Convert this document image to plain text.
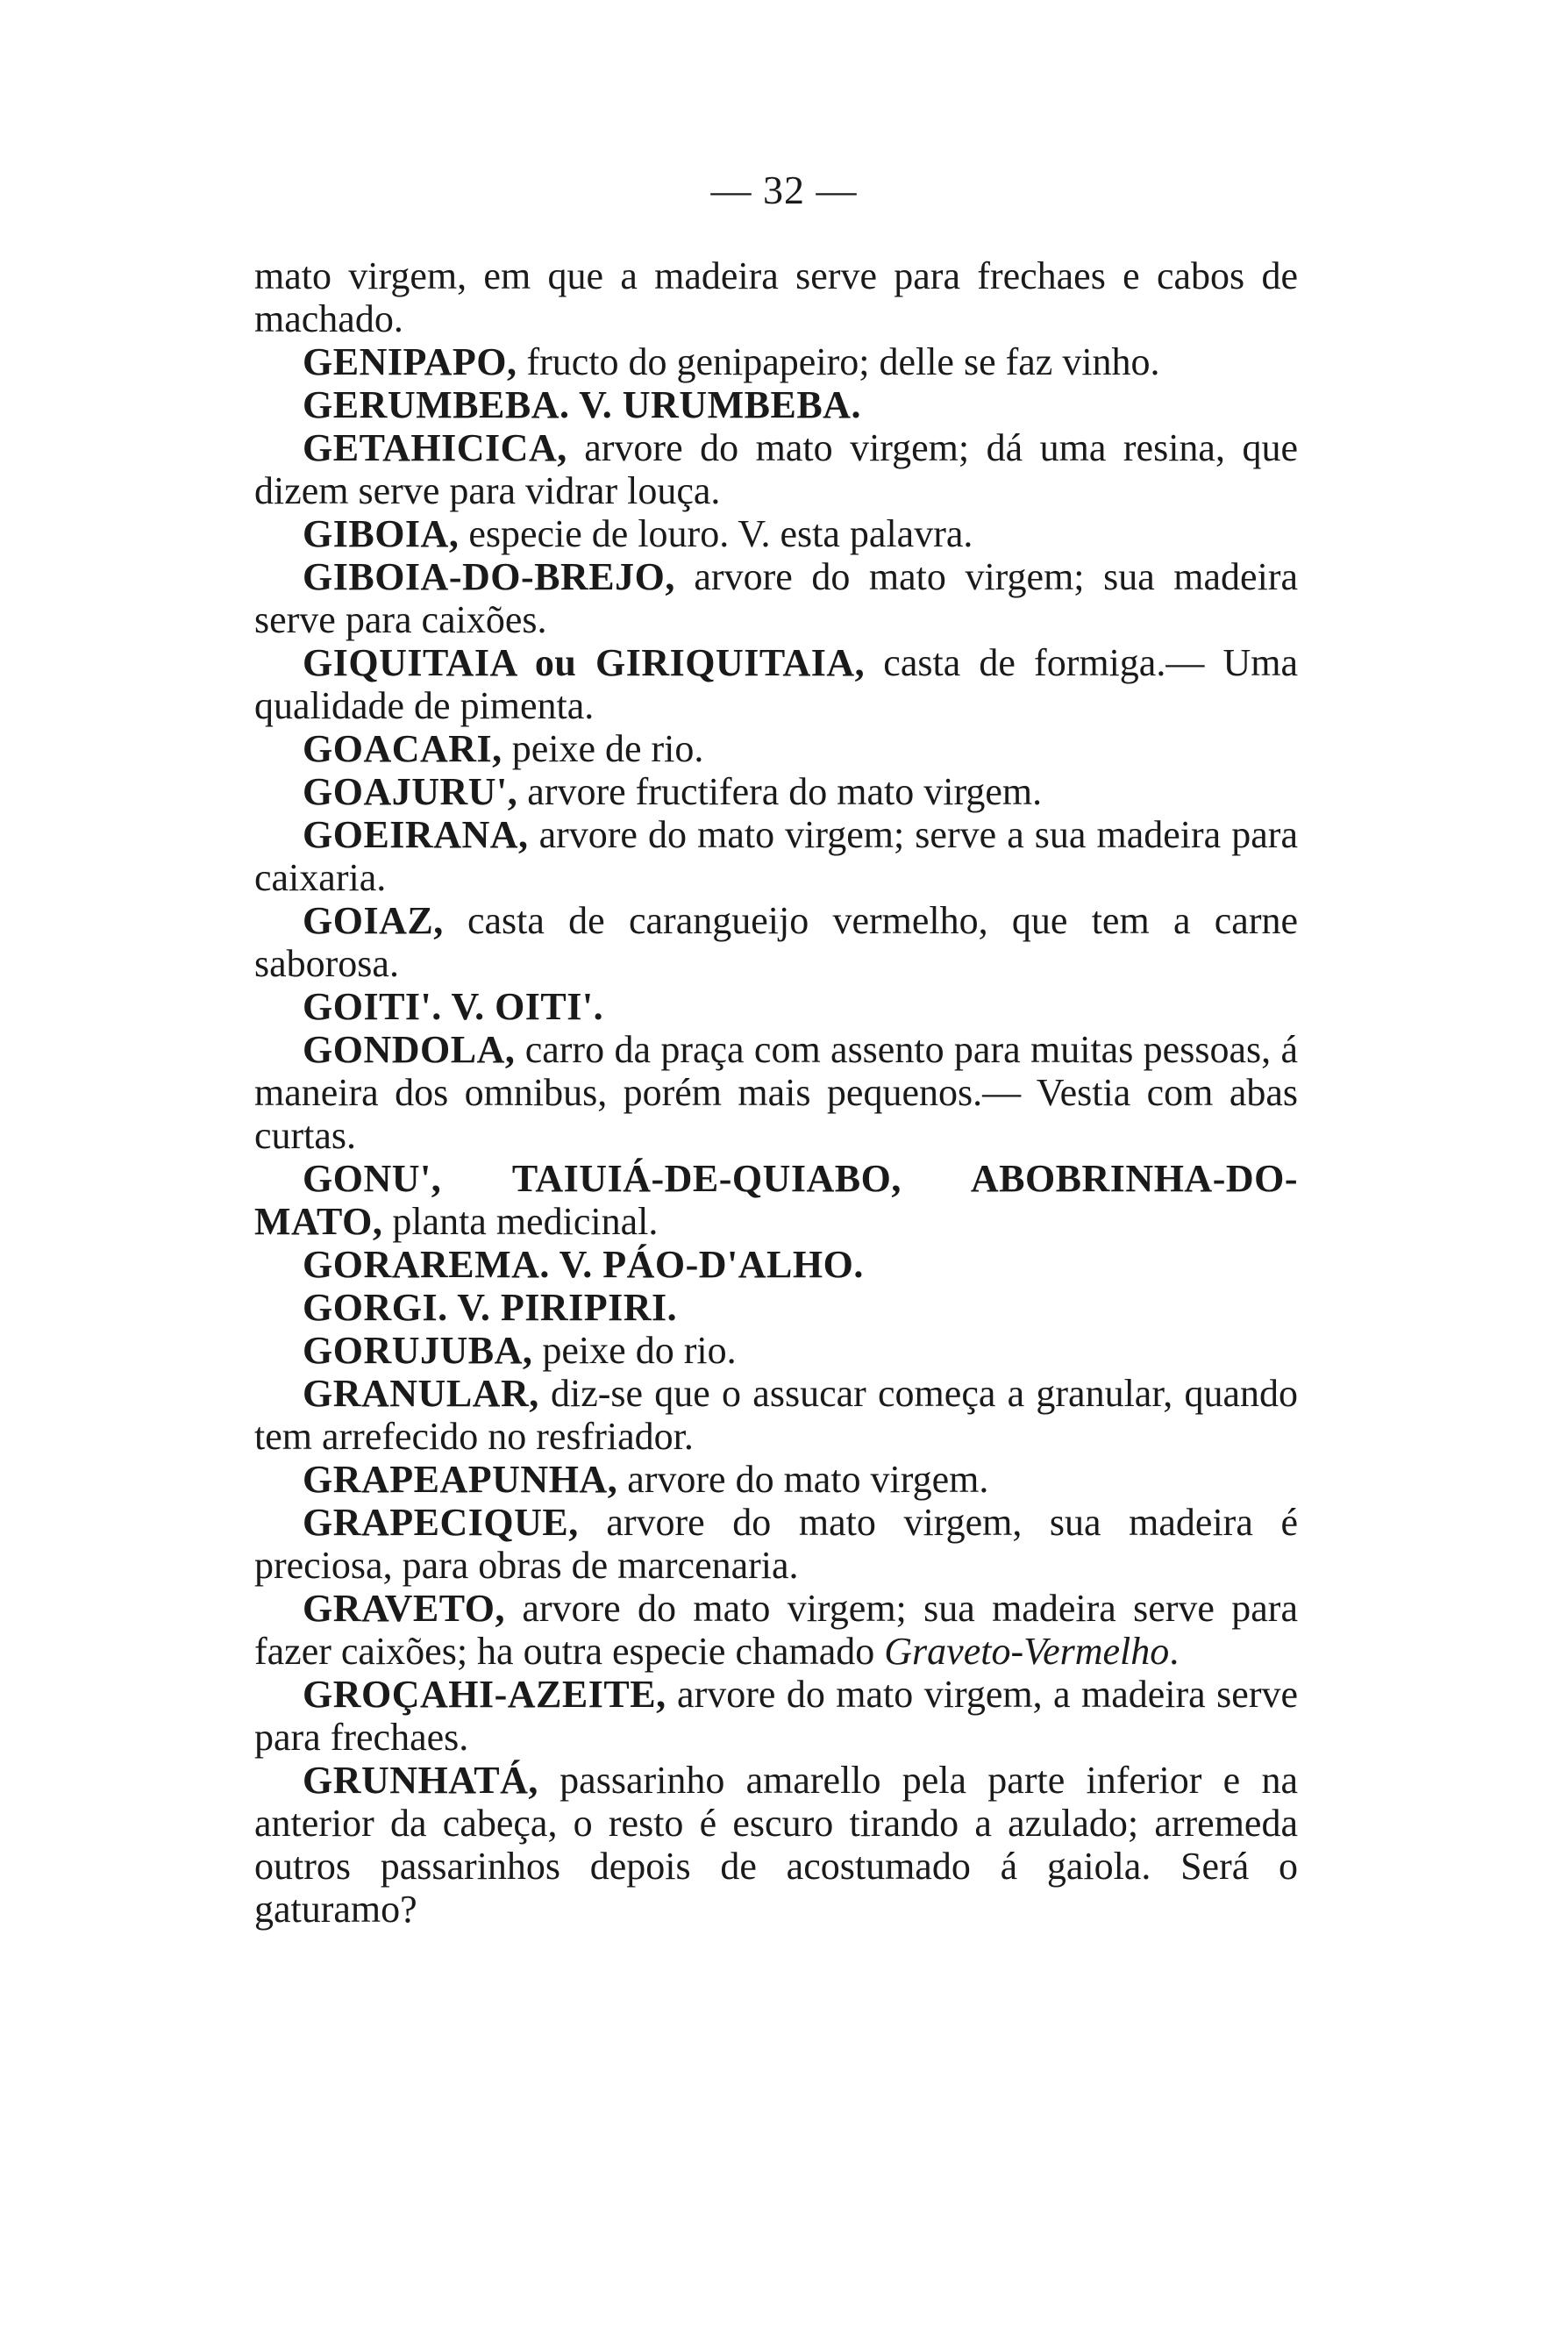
— 32 —

mato virgem, em que a madeira serve para frechaes e cabos de machado.

GENIPAPO, fructo do genipapeiro; delle se faz vinho.

GERUMBEBA. V. URUMBEBA.

GETAHICICA, arvore do mato virgem; dá uma resina, que dizem serve para vidrar louça.

GIBOIA, especie de louro. V. esta palavra.

GIBOIA-DO-BREJO, arvore do mato virgem; sua madeira serve para caixões.

GIQUITAIA ou GIRIQUITAIA, casta de formiga.— Uma qualidade de pimenta.

GOACARI, peixe de rio.

GOAJURU', arvore fructifera do mato virgem.

GOEIRANA, arvore do mato virgem; serve a sua madeira para caixaria.

GOIAZ, casta de carangueijo vermelho, que tem a carne saborosa.

GOITI'. V. OITI'.

GONDOLA, carro da praça com assento para muitas pessoas, á maneira dos omnibus, porém mais pequenos.— Vestia com abas curtas.

GONU', TAIUIÁ-DE-QUIABO, ABOBRINHA-DO-MATO, planta medicinal.

GORAREMA. V. PÁO-D'ALHO.

GORGI. V. PIRIPIRI.

GORUJUBA, peixe do rio.

GRANULAR, diz-se que o assucar começa a granular, quando tem arrefecido no resfriador.

GRAPEAPUNHA, arvore do mato virgem.

GRAPECIQUE, arvore do mato virgem, sua madeira é preciosa, para obras de marcenaria.

GRAVETO, arvore do mato virgem; sua madeira serve para fazer caixões; ha outra especie chamado Graveto-Vermelho.

GROÇAHI-AZEITE, arvore do mato virgem, a madeira serve para frechaes.

GRUNHATÁ, passarinho amarello pela parte inferior e na anterior da cabeça, o resto é escuro tirando a azulado; arremeda outros passarinhos depois de acostumado á gaiola. Será o gaturamo?
